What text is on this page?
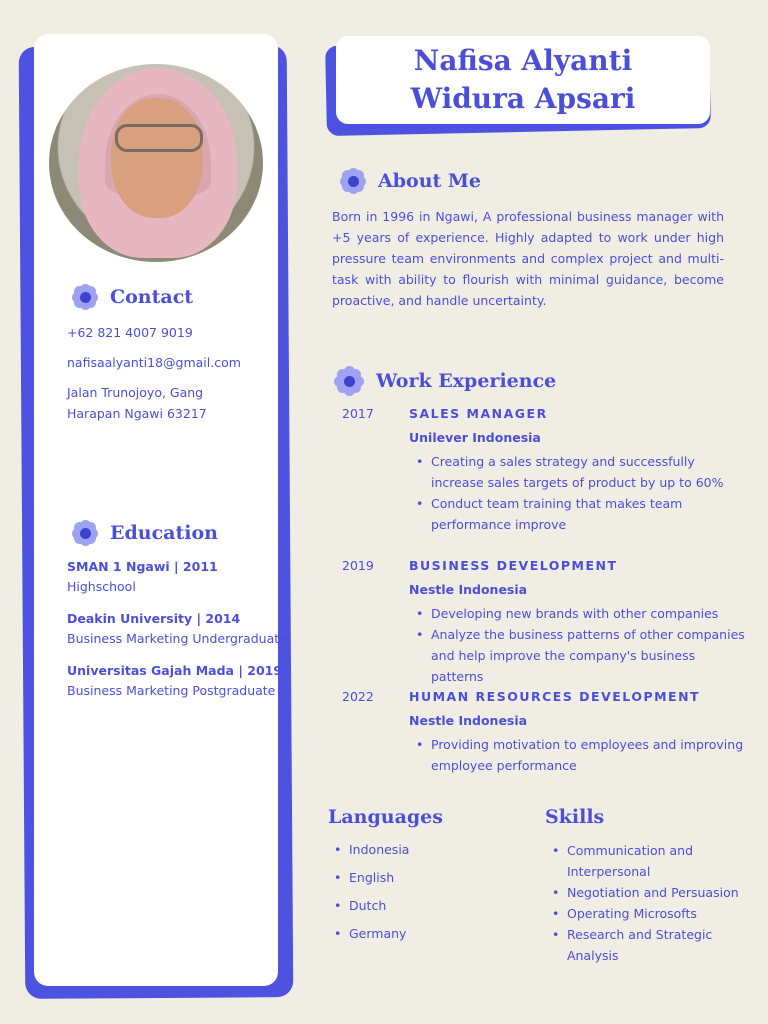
Contact
+62 821 4007 9019
nafisaalyanti18@gmail.com
Jalan Trunojoyo, Gang
Harapan Ngawi 63217
Education
SMAN 1 Ngawi | 2011
Highschool
Deakin University | 2014
Business Marketing Undergraduate
Universitas Gajah Mada | 2019
Business Marketing Postgraduate
Nafisa Alyanti
Widura Apsari
About Me
Born in 1996 in Ngawi, A professional business manager with +5 years of experience. Highly adapted to work under high pressure team environments and complex project and multi-task with ability to flourish with minimal guidance, become proactive, and handle uncertainty.
Work Experience
2017	SALES MANAGER
Unilever Indonesia
• Creating a sales strategy and successfully increase sales targets of product by up to 60%
• Conduct team training that makes team performance improve
2019	BUSINESS DEVELOPMENT
Nestle Indonesia
• Developing new brands with other companies
• Analyze the business patterns of other companies and help improve the company's business patterns
2022	HUMAN RESOURCES DEVELOPMENT
Nestle Indonesia
• Providing motivation to employees and improving employee performance
Languages
• Indonesia
• English
• Dutch
• Germany
Skills
• Communication and Interpersonal
• Negotiation and Persuasion
• Operating Microsofts
• Research and Strategic Analysis
